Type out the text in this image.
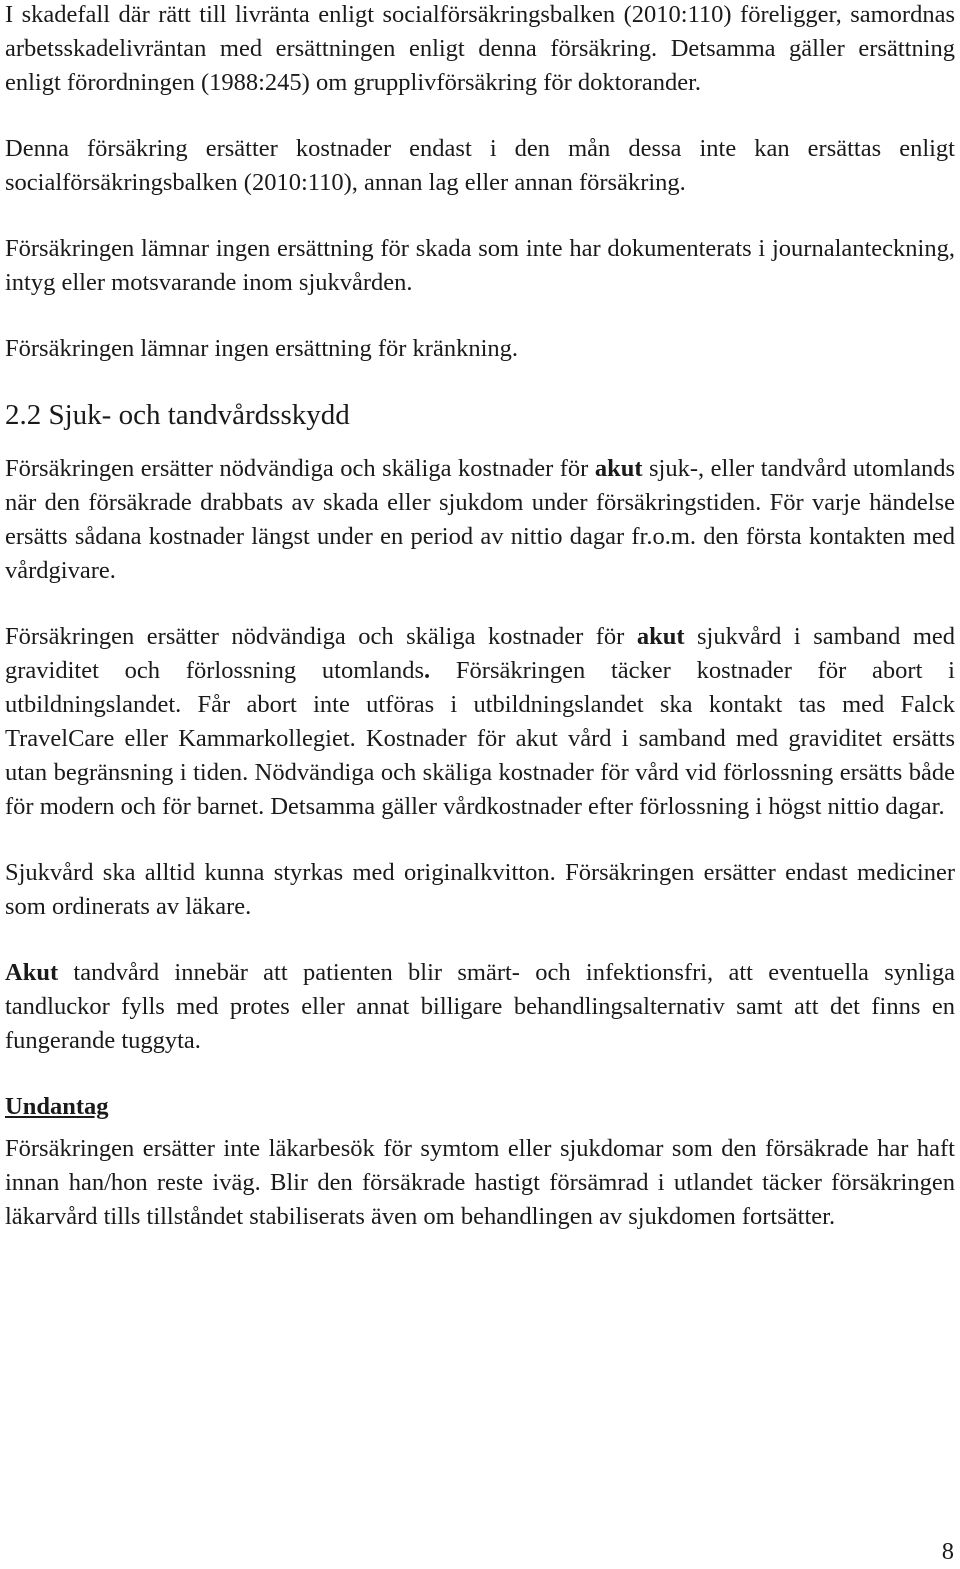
I skadefall där rätt till livränta enligt socialförsäkringsbalken (2010:110) föreligger, samordnas arbetsskadelivräntan med ersättningen enligt denna försäkring. Detsamma gäller ersättning enligt förordningen (1988:245) om grupplivförsäkring för doktorander.

Denna försäkring ersätter kostnader endast i den mån dessa inte kan ersättas enligt socialförsäkringsbalken (2010:110), annan lag eller annan försäkring.

Försäkringen lämnar ingen ersättning för skada som inte har dokumenterats i journalanteckning, intyg eller motsvarande inom sjukvården.

Försäkringen lämnar ingen ersättning för kränkning.

2.2 Sjuk- och tandvårdsskydd

Försäkringen ersätter nödvändiga och skäliga kostnader för akut sjuk-, eller tandvård utomlands när den försäkrade drabbats av skada eller sjukdom under försäkringstiden. För varje händelse ersätts sådana kostnader längst under en period av nittio dagar fr.o.m. den första kontakten med vårdgivare.

Försäkringen ersätter nödvändiga och skäliga kostnader för akut sjukvård i samband med graviditet och förlossning utomlands. Försäkringen täcker kostnader för abort i utbildningslandet. Får abort inte utföras i utbildningslandet ska kontakt tas med Falck TravelCare eller Kammarkollegiet. Kostnader för akut vård i samband med graviditet ersätts utan begränsning i tiden. Nödvändiga och skäliga kostnader för vård vid förlossning ersätts både för modern och för barnet. Detsamma gäller vårdkostnader efter förlossning i högst nittio dagar.

Sjukvård ska alltid kunna styrkas med originalkvitton. Försäkringen ersätter endast mediciner som ordinerats av läkare.

Akut tandvård innebär att patienten blir smärt- och infektionsfri, att eventuella synliga tandluckor fylls med protes eller annat billigare behandlingsalternativ samt att det finns en fungerande tuggyta.

Undantag

Försäkringen ersätter inte läkarbesök för symtom eller sjukdomar som den försäkrade har haft innan han/hon reste iväg. Blir den försäkrade hastigt försämrad i utlandet täcker försäkringen läkarvård tills tillståndet stabiliserats även om behandlingen av sjukdomen fortsätter.

8
